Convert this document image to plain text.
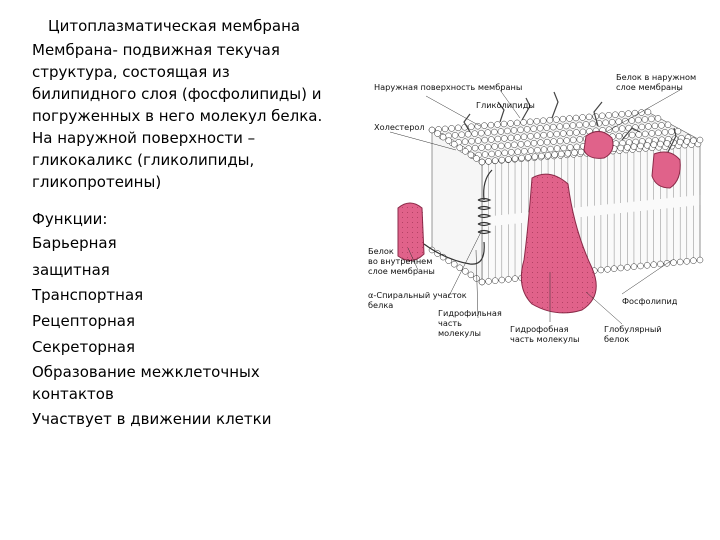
Цитоплазматическая мембрана
Мембрана- подвижная текучая
структура, состоящая из
билипидного слоя (фосфолипиды) и
погруженных в него молекул белка.
На наружной поверхности –
гликокаликс (гликолипиды,
гликопротеины)
Функции:
Барьерная
защитная
Транспортная
Рецепторная
Секреторная
Образование межклеточных
контактов
Участвует в движении клетки
Наружная поверхность мембраны
Белок в наружном
слое мембраны
Гликолипиды
Холестерол
Белок
во внутреннем
слое мембраны
α-Спиральный участок
белка	Фосфолипид
Гидрофильная
часть
молекулы	Гидрофобная
часть молекулы
Глобулярный
белок
